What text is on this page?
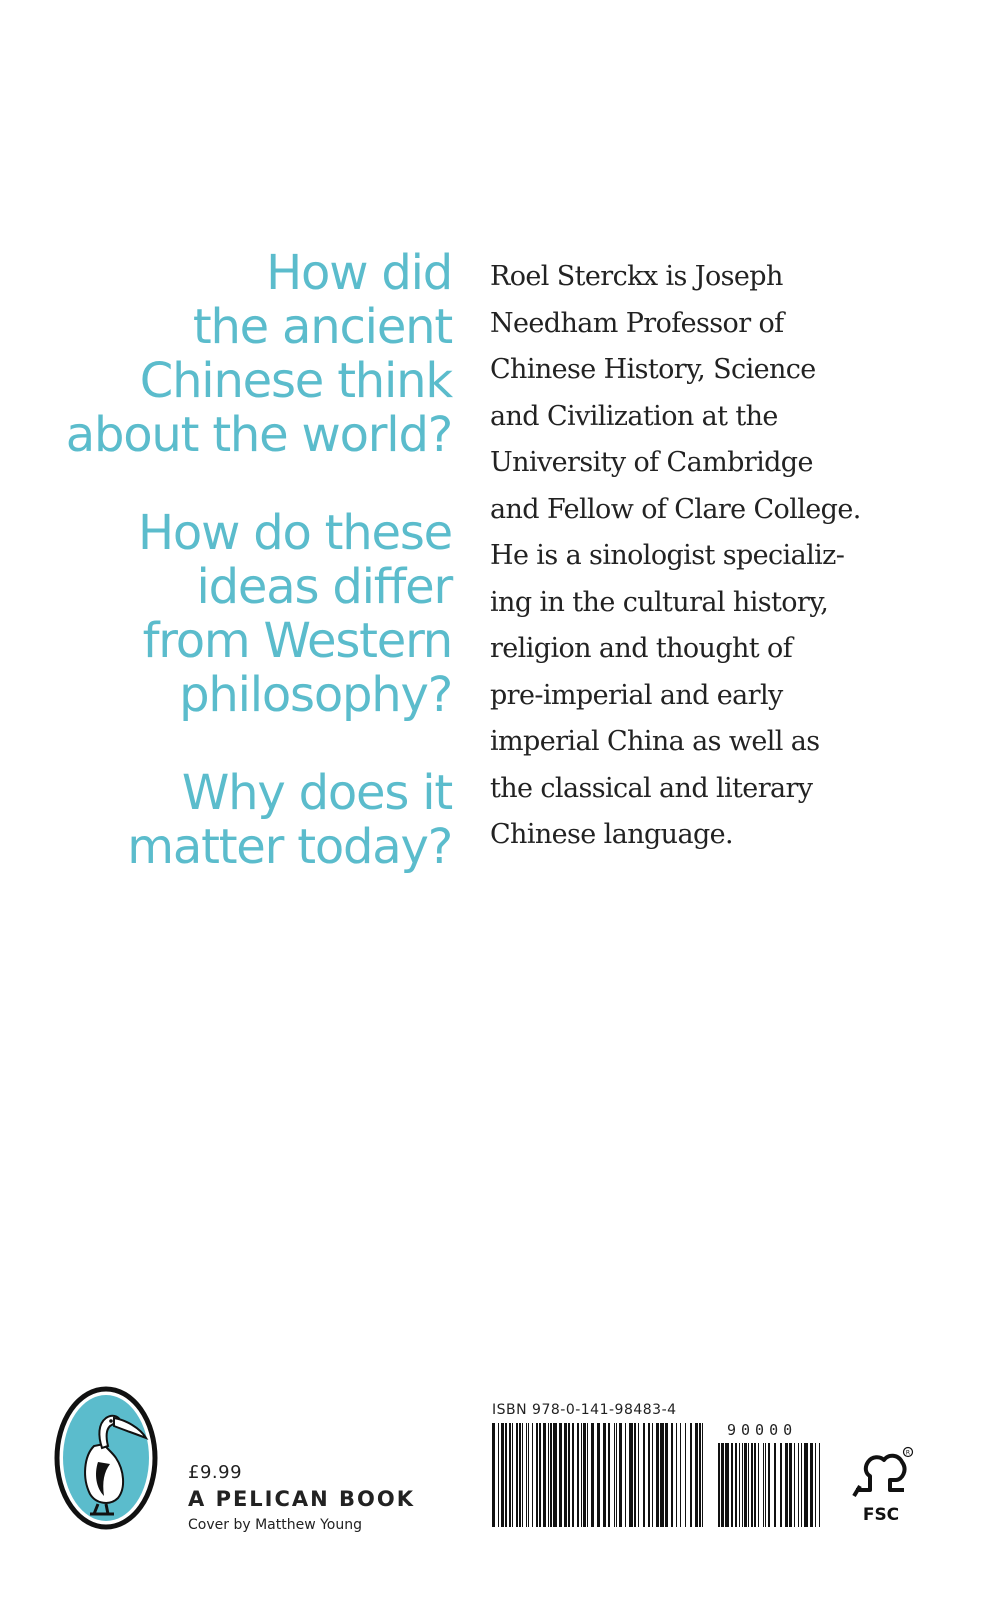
How did
the ancient
Chinese think
about the world?
How do these
ideas differ
from Western
philosophy?
Why does it
matter today?
Roel Sterckx is Joseph
Needham Professor of
Chinese History, Science
and Civilization at the
University of Cambridge
and Fellow of Clare College.
He is a sinologist specializ-
ing in the cultural history,
religion and thought of
pre-imperial and early
imperial China as well as
the classical and literary
Chinese language.
£9.99
A PELICAN BOOK
Cover by Matthew Young
ISBN 978-0-141-98483-4
90000
FSC
R
